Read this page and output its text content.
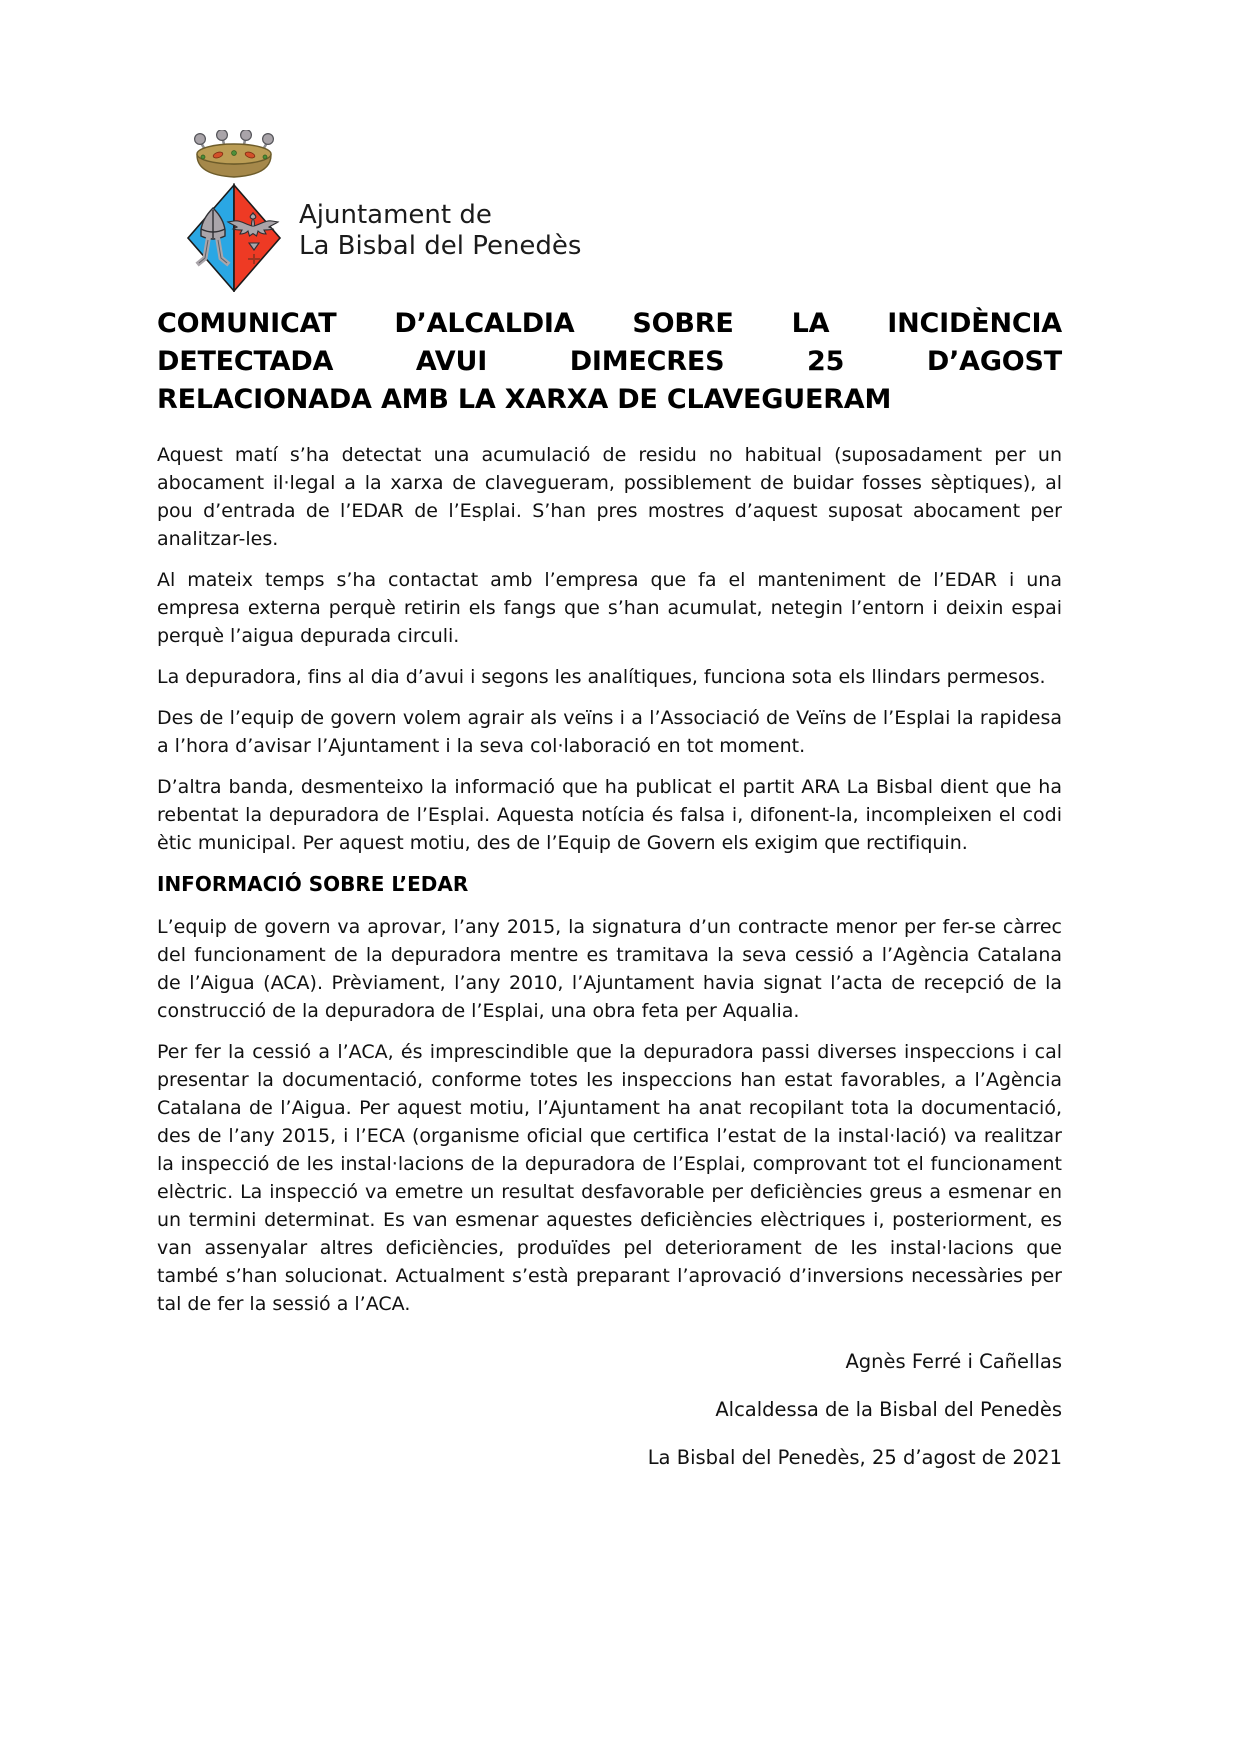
Ajuntament de
La Bisbal del Penedès
COMUNICAT D’ALCALDIA SOBRE LA INCIDÈNCIA
DETECTADA AVUI DIMECRES 25 D’AGOST
RELACIONADA AMB LA XARXA DE CLAVEGUERAM

Aquest matí s’ha detectat una acumulació de residu no habitual (suposadament per un abocament il·legal a la xarxa de clavegueram, possiblement de buidar fosses sèptiques), al pou d’entrada de l’EDAR de l’Esplai. S’han pres mostres d’aquest suposat abocament per analitzar-les.

Al mateix temps s’ha contactat amb l’empresa que fa el manteniment de l’EDAR i una empresa externa perquè retirin els fangs que s’han acumulat, netegin l’entorn i deixin espai perquè l’aigua depurada circuli.

La depuradora, fins al dia d’avui i segons les analítiques, funciona sota els llindars permesos.

Des de l’equip de govern volem agrair als veïns i a l’Associació de Veïns de l’Esplai la rapidesa a l’hora d’avisar l’Ajuntament i la seva col·laboració en tot moment.

D’altra banda, desmenteixo la informació que ha publicat el partit ARA La Bisbal dient que ha rebentat la depuradora de l’Esplai. Aquesta notícia és falsa i, difonent-la, incompleixen el codi ètic municipal. Per aquest motiu, des de l’Equip de Govern els exigim que rectifiquin.

INFORMACIÓ SOBRE L’EDAR

L’equip de govern va aprovar, l’any 2015, la signatura d’un contracte menor per fer-se càrrec del funcionament de la depuradora mentre es tramitava la seva cessió a l’Agència Catalana de l’Aigua (ACA). Prèviament, l’any 2010, l’Ajuntament havia signat l’acta de recepció de la construcció de la depuradora de l’Esplai, una obra feta per Aqualia.

Per fer la cessió a l’ACA, és imprescindible que la depuradora passi diverses inspeccions i cal presentar la documentació, conforme totes les inspeccions han estat favorables, a l’Agència Catalana de l’Aigua. Per aquest motiu, l’Ajuntament ha anat recopilant tota la documentació, des de l’any 2015, i l’ECA (organisme oficial que certifica l’estat de la instal·lació) va realitzar la inspecció de les instal·lacions de la depuradora de l’Esplai, comprovant tot el funcionament elèctric. La inspecció va emetre un resultat desfavorable per deficiències greus a esmenar en un termini determinat. Es van esmenar aquestes deficiències elèctriques i, posteriorment, es van assenyalar altres deficiències, produïdes pel deteriorament de les instal·lacions que també s’han solucionat. Actualment s’està preparant l’aprovació d’inversions necessàries per tal de fer la sessió a l’ACA.

Agnès Ferré i Cañellas

Alcaldessa de la Bisbal del Penedès

La Bisbal del Penedès, 25 d’agost de 2021
